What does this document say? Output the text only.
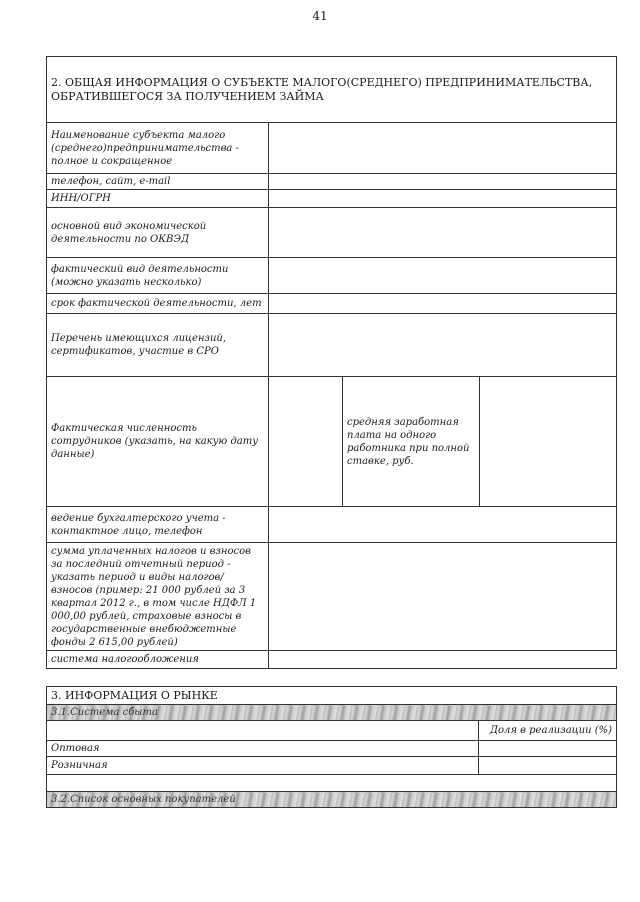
41
2. ОБЩАЯ ИНФОРМАЦИЯ О СУБЪЕКТЕ МАЛОГО(СРЕДНЕГО) ПРЕДПРИНИМАТЕЛЬСТВА,
ОБРАТИВШЕГОСЯ ЗА ПОЛУЧЕНИЕМ ЗАЙМА			

Наименование субъекта малого (среднего)предпринимательства - полное и сокращенное			
телефон, сайт, e-mail			
ИНН/ОГРН			
основной вид экономической деятельности по ОКВЭД			
фактический вид деятельности (можно указать несколько)			
срок фактической деятельности, лет			
Перечень имеющихся лицензий, сертификатов, участие в СРО			
Фактическая численность сотрудников (указать, на какую дату данные)		средняя заработная плата на одного работника при полной ставке, руб.	
ведение бухгалтерского учета - контактное лицо, телефон			
сумма уплаченных налогов и взносов за последний отчетный период - указать период и виды налогов/взносов (пример: 21 000 рублей за 3 квартал 2012 г., в том числе НДФЛ 1 000,00 рублей, страховые взносы в государственные внебюджетные фонды 2 615,00 рублей)			
система налогообложения			
3. ИНФОРМАЦИЯ О РЫНКЕ	
3.1.Система сбыта	
	Доля в реализации (%)
Оптовая	
Розничная	

3.2.Список основных покупателей	
